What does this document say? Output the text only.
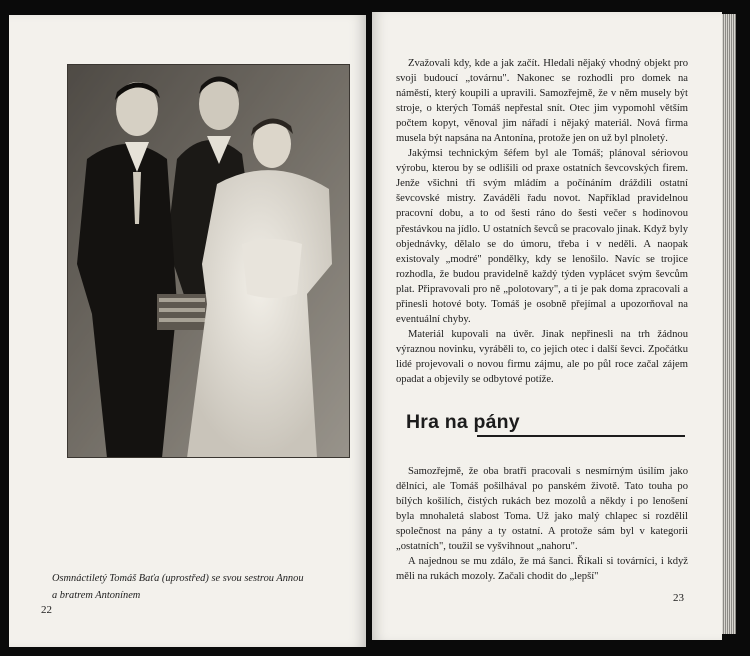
Osmnáctiletý Tomáš Baťa (uprostřed) se svou sestrou Annou
a bratrem Antonínem
22

Zvažovali kdy, kde a jak začít. Hledali nějaký vhodný objekt pro svoji budoucí „továrnu". Nakonec se rozhodli pro domek na náměstí, který koupili a upravili. Samozřejmě, že v něm musely být stroje, o kterých Tomáš nepřestal snít. Otec jim vypomohl větším počtem kopyt, věnoval jim nářadí i nějaký materiál. Nová firma musela být napsána na Antonína, protože jen on už byl plnoletý.

Jakýmsi technickým šéfem byl ale Tomáš; plánoval sériovou výrobu, kterou by se odlišili od praxe ostatních ševcovských firem. Jenže všichni tři svým mládím a počínáním dráždili ostatní ševcovské mistry. Zaváděli řadu novot. Například pravidelnou pracovní dobu, a to od šesti ráno do šesti večer s hodinovou přestávkou na jídlo. U ostatních ševců se pracovalo jinak. Když byly objednávky, dělalo se do úmoru, třeba i v neděli. A naopak existovaly „modré" pondělky, kdy se lenošilo. Navíc se trojice rozhodla, že budou pravidelně každý týden vyplácet svým ševcům plat. Připravovali pro ně „polotovary", a ti je pak doma zpracovali a přinesli hotové boty. Tomáš je osobně přejímal a upozorňoval na eventuální chyby.

Materiál kupovali na úvěr. Jinak nepřinesli na trh žádnou výraznou novinku, vyráběli to, co jejich otec i další ševci. Zpočátku lidé projevovali o novou firmu zájmu, ale po půl roce začal zájem opadat a objevily se odbytové potíže.

Hra na pány

Samozřejmě, že oba bratři pracovali s nesmírným úsilím jako dělníci, ale Tomáš pošilhával po panském životě. Tato touha po bílých košilích, čistých rukách bez mozolů a někdy i po lenošení byla mnohaletá slabost Toma. Už jako malý chlapec si rozdělil společnost na pány a ty ostatní. A protože sám byl v kategorii „ostatních", toužil se vyšvihnout „nahoru".

A najednou se mu zdálo, že má šanci. Říkali si továrníci, i když měli na rukách mozoly. Začali chodit do „lepší"

23
